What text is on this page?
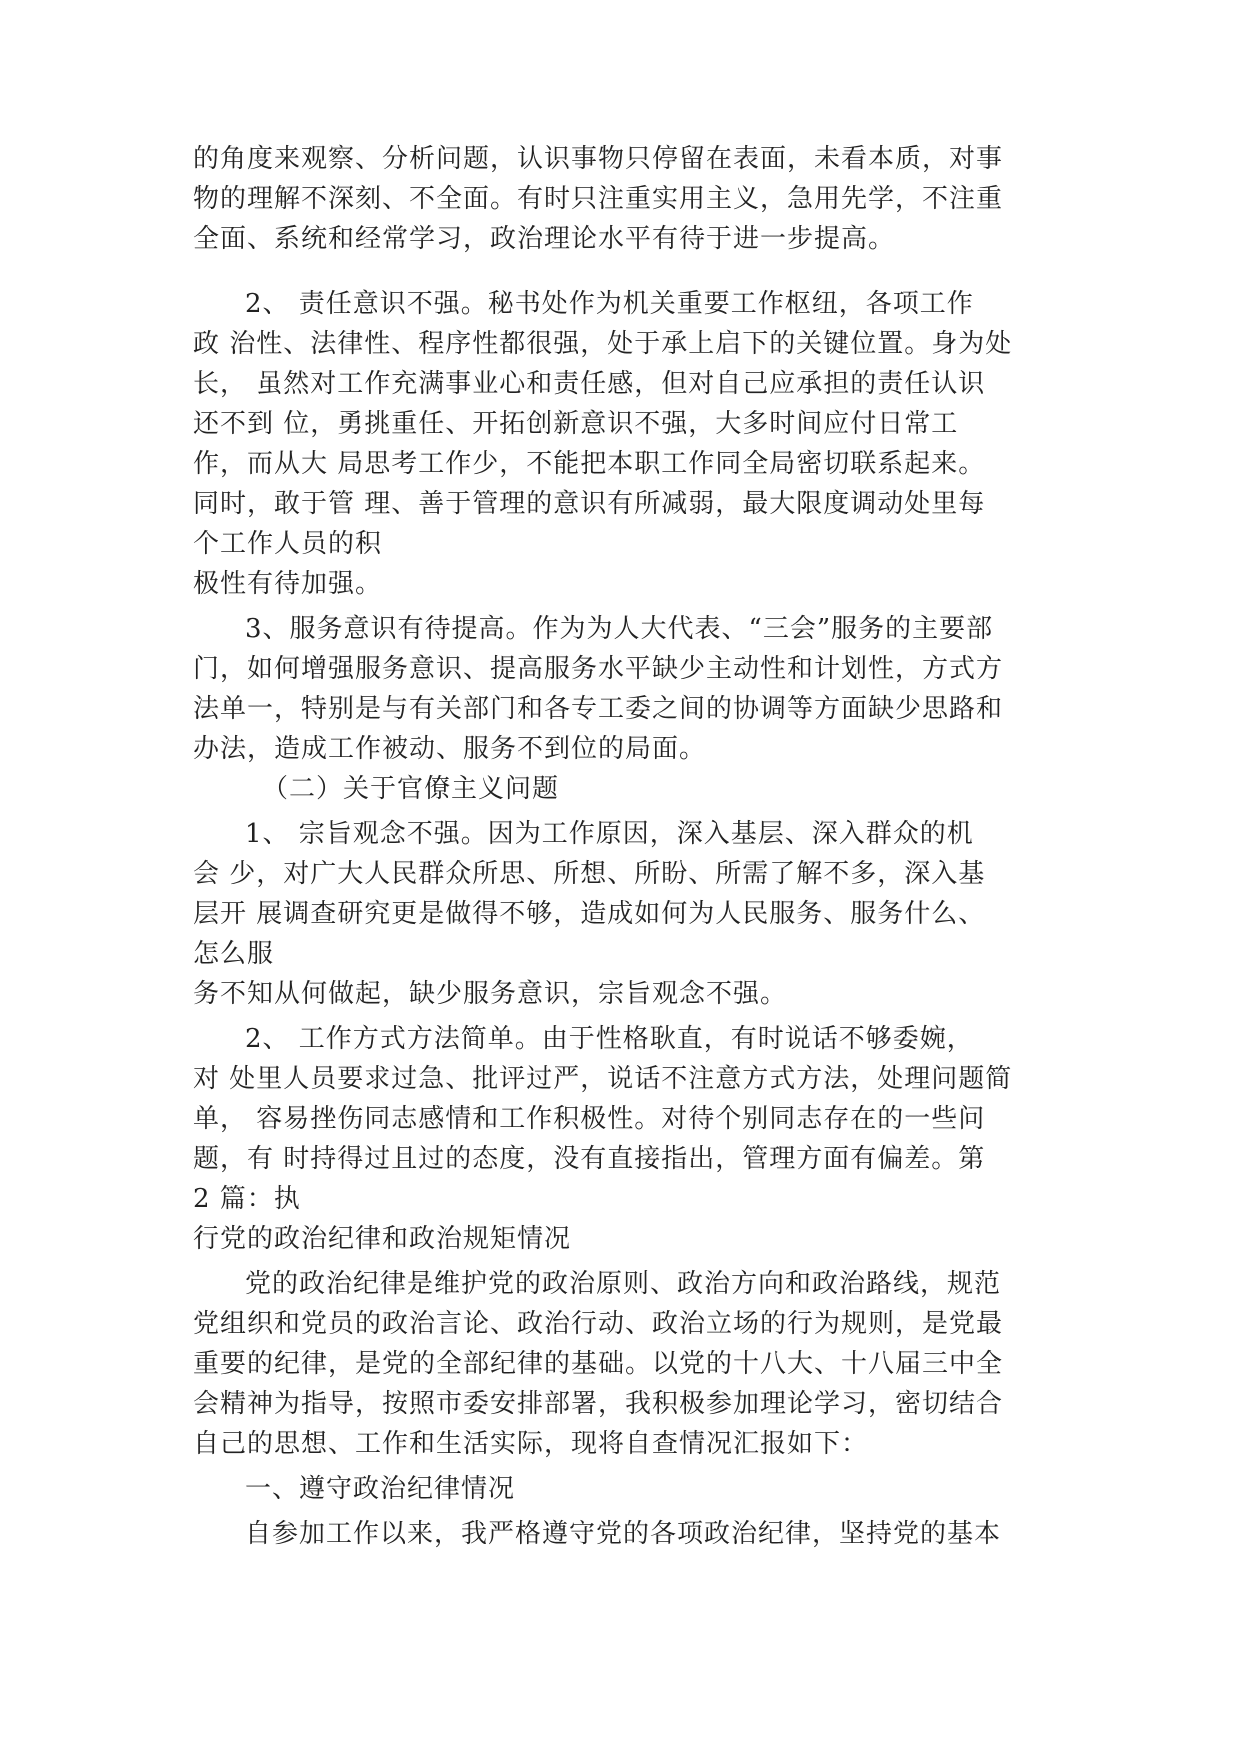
的角度来观察、分析问题，认识事物只停留在表面，未看本质，对事
物的理解不深刻、不全面。有时只注重实用主义，急用先学，不注重
全面、系统和经常学习，政治理论水平有待于进一步提高。
2、 责任意识不强。秘书处作为机关重要工作枢纽，各项工作
政 治性、法律性、程序性都很强，处于承上启下的关键位置。身为处
长， 虽然对工作充满事业心和责任感，但对自己应承担的责任认识
还不到 位，勇挑重任、开拓创新意识不强，大多时间应付日常工
作，而从大 局思考工作少，不能把本职工作同全局密切联系起来。
同时，敢于管 理、善于管理的意识有所减弱，最大限度调动处里每
个工作人员的积
极性有待加强。
3、服务意识有待提高。作为为人大代表、“三会”服务的主要部
门，如何增强服务意识、提高服务水平缺少主动性和计划性，方式方
法单一，特别是与有关部门和各专工委之间的协调等方面缺少思路和
办法，造成工作被动、服务不到位的局面。
（二）关于官僚主义问题
1、 宗旨观念不强。因为工作原因，深入基层、深入群众的机
会 少，对广大人民群众所思、所想、所盼、所需了解不多，深入基
层开 展调查研究更是做得不够，造成如何为人民服务、服务什么、
怎么服
务不知从何做起，缺少服务意识，宗旨观念不强。
2、 工作方式方法简单。由于性格耿直，有时说话不够委婉，
对 处里人员要求过急、批评过严，说话不注意方式方法，处理问题简
单， 容易挫伤同志感情和工作积极性。对待个别同志存在的一些问
题，有 时持得过且过的态度，没有直接指出，管理方面有偏差。第
2 篇：执
行党的政治纪律和政治规矩情况
党的政治纪律是维护党的政治原则、政治方向和政治路线，规范
党组织和党员的政治言论、政治行动、政治立场的行为规则，是党最
重要的纪律，是党的全部纪律的基础。以党的十八大、十八届三中全
会精神为指导，按照市委安排部署，我积极参加理论学习，密切结合
自己的思想、工作和生活实际，现将自查情况汇报如下：
一、遵守政治纪律情况
自参加工作以来，我严格遵守党的各项政治纪律，坚持党的基本
